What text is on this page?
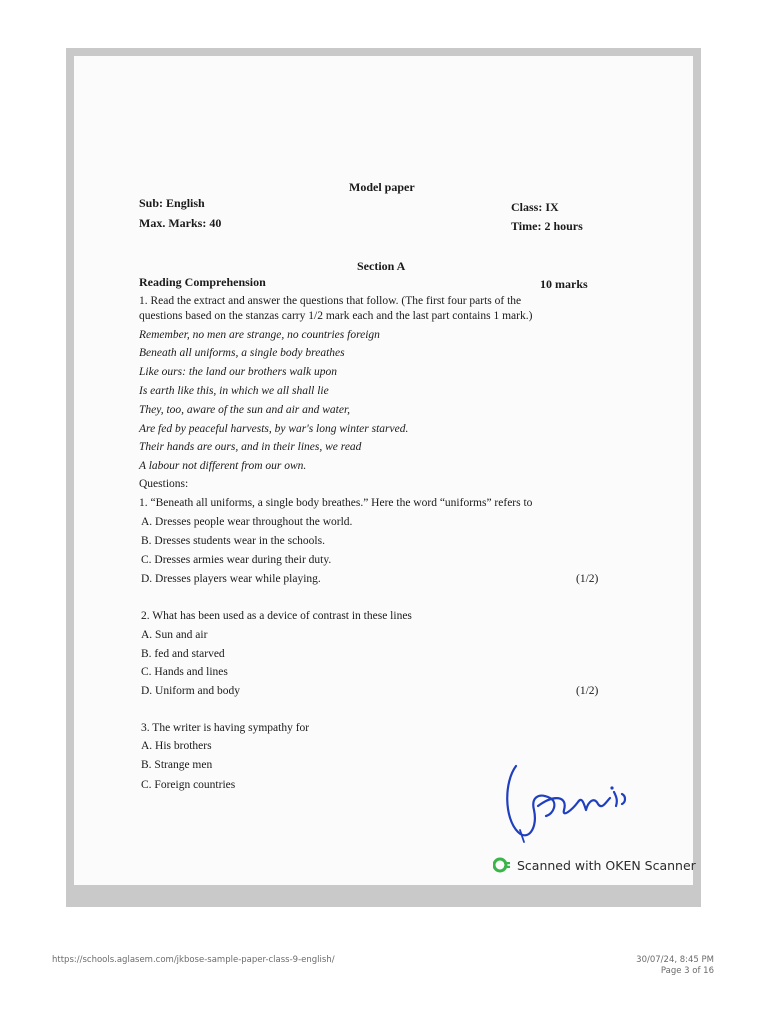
Model paper
Sub: English	Class: IX
Max. Marks: 40	Time: 2 hours
Section A
Reading Comprehension	10 marks
1. Read the extract and answer the questions that follow. (The first four parts of the
questions based on the stanzas carry 1/2 mark each and the last part contains 1 mark.)
Remember, no men are strange, no countries foreign
Beneath all uniforms, a single body breathes
Like ours: the land our brothers walk upon
Is earth like this, in which we all shall lie
They, too, aware of the sun and air and water,
Are fed by peaceful harvests, by war's long winter starved.
Their hands are ours, and in their lines, we read
A labour not different from our own.
Questions:
1. “Beneath all uniforms, a single body breathes.” Here the word “uniforms” refers to
A. Dresses people wear throughout the world.
B. Dresses students wear in the schools.
C. Dresses armies wear during their duty.
D. Dresses players wear while playing.	(1/2)
2. What has been used as a device of contrast in these lines
A. Sun and air
B. fed and starved
C. Hands and lines
D. Uniform and body	(1/2)
3. The writer is having sympathy for
A. His brothers
B. Strange men
C. Foreign countries
Scanned with OKEN Scanner
https://schools.aglasem.com/jkbose-sample-paper-class-9-english/	30/07/24, 8:45 PM
Page 3 of 16
